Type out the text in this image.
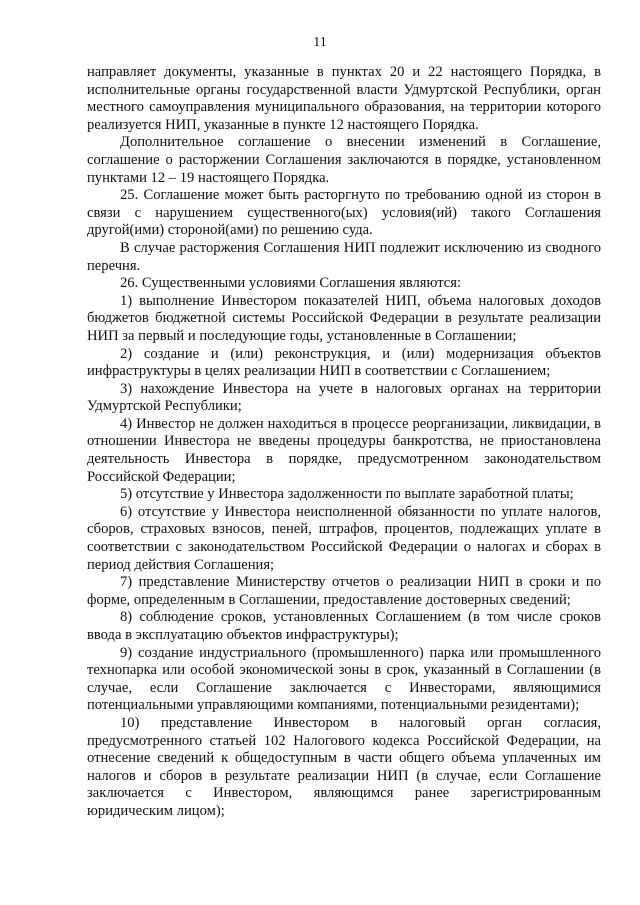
11

направляет документы, указанные в пунктах 20 и 22 настоящего Порядка, в исполнительные органы государственной власти Удмуртской Республики, орган местного самоуправления муниципального образования, на территории которого реализуется НИП, указанные в пункте 12 настоящего Порядка.

Дополнительное соглашение о внесении изменений в Соглашение, соглашение о расторжении Соглашения заключаются в порядке, установленном пунктами 12 – 19 настоящего Порядка.

25. Соглашение может быть расторгнуто по требованию одной из сторон в связи с нарушением существенного(ых) условия(ий) такого Соглашения другой(ими) стороной(ами) по решению суда.

В случае расторжения Соглашения НИП подлежит исключению из сводного перечня.

26. Существенными условиями Соглашения являются:

1) выполнение Инвестором показателей НИП, объема налоговых доходов бюджетов бюджетной системы Российской Федерации в результате реализации НИП за первый и последующие годы, установленные в Соглашении;

2) создание и (или) реконструкция, и (или) модернизация объектов инфраструктуры в целях реализации НИП в соответствии с Соглашением;

3) нахождение Инвестора на учете в налоговых органах на территории Удмуртской Республики;

4) Инвестор не должен находиться в процессе реорганизации, ликвидации, в отношении Инвестора не введены процедуры банкротства, не приостановлена деятельность Инвестора в порядке, предусмотренном законодательством Российской Федерации;

5) отсутствие у Инвестора задолженности по выплате заработной платы;

6) отсутствие у Инвестора неисполненной обязанности по уплате налогов, сборов, страховых взносов, пеней, штрафов, процентов, подлежащих уплате в соответствии с законодательством Российской Федерации о налогах и сборах в период действия Соглашения;

7) представление Министерству отчетов о реализации НИП в сроки и по форме, определенным в Соглашении, предоставление достоверных сведений;

8) соблюдение сроков, установленных Соглашением (в том числе сроков ввода в эксплуатацию объектов инфраструктуры);

9) создание индустриального (промышленного) парка или промышленного технопарка или особой экономической зоны в срок, указанный в Соглашении (в случае, если Соглашение заключается с Инвесторами, являющимися потенциальными управляющими компаниями, потенциальными резидентами);

10) представление Инвестором в налоговый орган согласия, предусмотренного статьей 102 Налогового кодекса Российской Федерации, на отнесение сведений к общедоступным в части общего объема уплаченных им налогов и сборов в результате реализации НИП (в случае, если Соглашение заключается с Инвестором, являющимся ранее зарегистрированным юридическим лицом);
